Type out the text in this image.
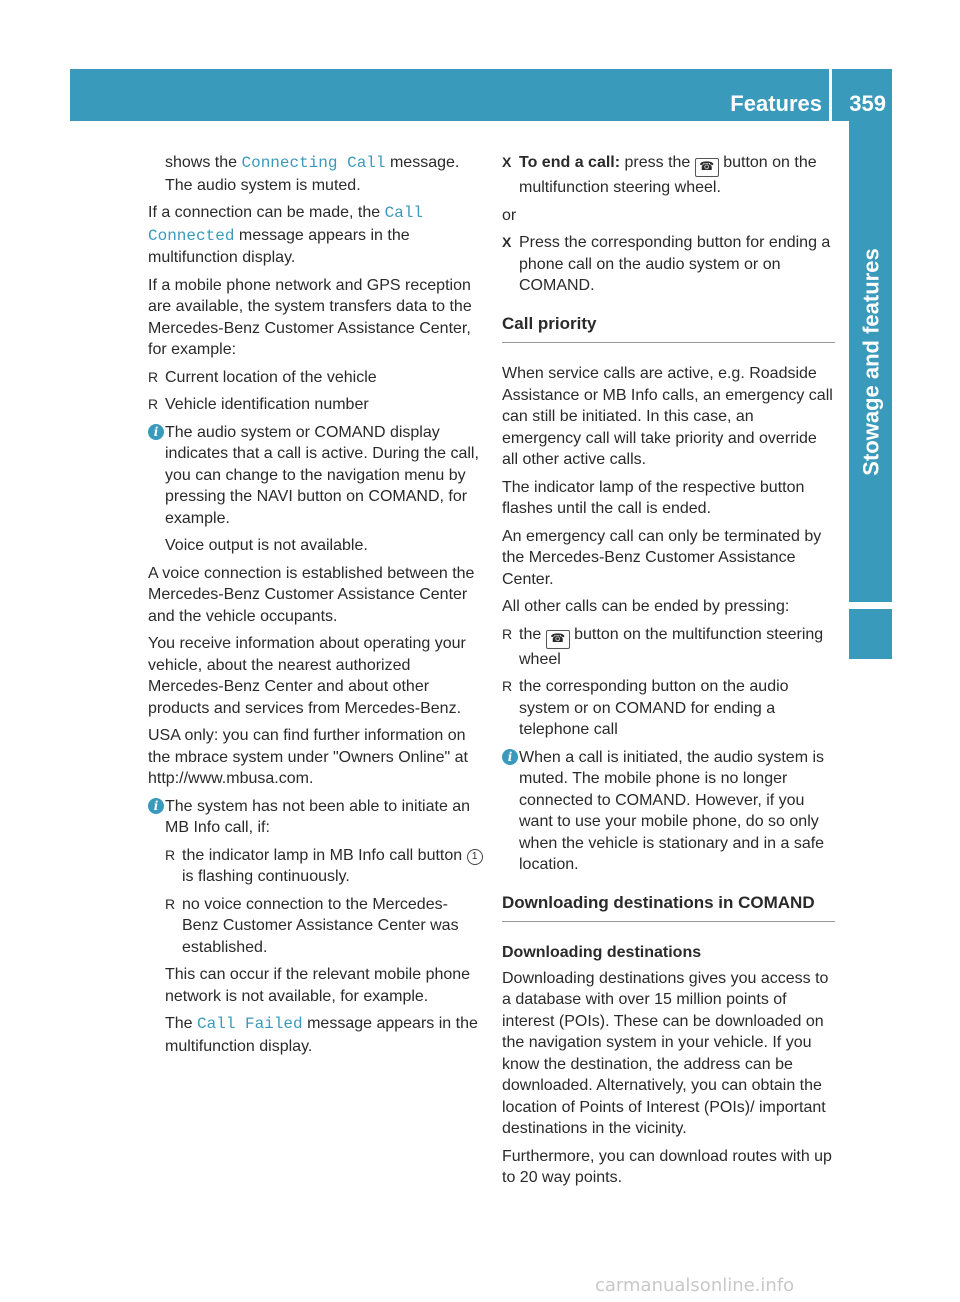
Features 359
Stowage and features

shows the Connecting Call message. The audio system is muted.

If a connection can be made, the Call Connected message appears in the multifunction display.

If a mobile phone network and GPS reception are available, the system transfers data to the Mercedes-Benz Customer Assistance Center, for example:

R Current location of the vehicle

R Vehicle identification number

i The audio system or COMAND display indicates that a call is active. During the call, you can change to the navigation menu by pressing the NAVI button on COMAND, for example.

Voice output is not available.

A voice connection is established between the Mercedes-Benz Customer Assistance Center and the vehicle occupants.

You receive information about operating your vehicle, about the nearest authorized Mercedes-Benz Center and about other products and services from Mercedes-Benz.

USA only: you can find further information on the mbrace system under "Owners Online" at http://www.mbusa.com.

i The system has not been able to initiate an MB Info call, if:

R the indicator lamp in MB Info call button 1 is flashing continuously.

R no voice connection to the Mercedes-Benz Customer Assistance Center was established.

This can occur if the relevant mobile phone network is not available, for example.

The Call Failed message appears in the multifunction display.

X To end a call: press the ☎ button on the multifunction steering wheel.

or

X Press the corresponding button for ending a phone call on the audio system or on COMAND.

Call priority

When service calls are active, e.g. Roadside Assistance or MB Info calls, an emergency call can still be initiated. In this case, an emergency call will take priority and override all other active calls.

The indicator lamp of the respective button flashes until the call is ended.

An emergency call can only be terminated by the Mercedes-Benz Customer Assistance Center.

All other calls can be ended by pressing:

R the ☎ button on the multifunction steering wheel

R the corresponding button on the audio system or on COMAND for ending a telephone call

i When a call is initiated, the audio system is muted. The mobile phone is no longer connected to COMAND. However, if you want to use your mobile phone, do so only when the vehicle is stationary and in a safe location.

Downloading destinations in COMAND

Downloading destinations

Downloading destinations gives you access to a database with over 15 million points of interest (POIs). These can be downloaded on the navigation system in your vehicle. If you know the destination, the address can be downloaded. Alternatively, you can obtain the location of Points of Interest (POIs)/ important destinations in the vicinity.

Furthermore, you can download routes with up to 20 way points.

carmanualsonline.info
